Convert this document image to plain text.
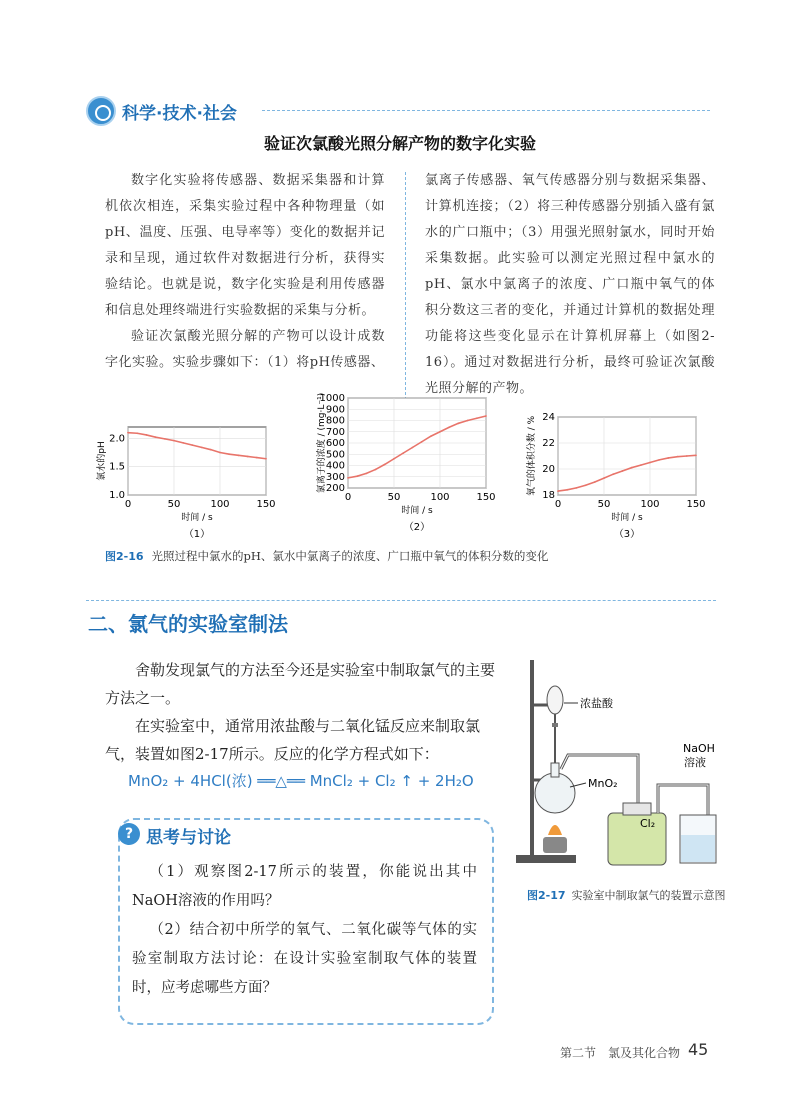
科学·技术·社会
验证次氯酸光照分解产物的数字化实验

数字化实验将传感器、数据采集器和计算机依次相连，采集实验过程中各种物理量（如pH、温度、压强、电导率等）变化的数据并记录和呈现，通过软件对数据进行分析，获得实验结论。也就是说，数字化实验是利用传感器和信息处理终端进行实验数据的采集与分析。

验证次氯酸光照分解的产物可以设计成数字化实验。实验步骤如下：（1）将pH传感器、

氯离子传感器、氧气传感器分别与数据采集器、计算机连接；（2）将三种传感器分别插入盛有氯水的广口瓶中；（3）用强光照射氯水，同时开始采集数据。此实验可以测定光照过程中氯水的pH、氯水中氯离子的浓度、广口瓶中氧气的体积分数这三者的变化，并通过计算机的数据处理功能将这些变化显示在计算机屏幕上（如图2-16）。通过对数据进行分析，最终可验证次氯酸光照分解的产物。

0	50	100	150
1.0
1.5
2.0
时间 / s
氯水的pH
（1）
0	50	100	150
200
300
400
500
600
700
800
900
1000
时间 / s
氯离子的浓度 / (mg·L⁻¹)
（2）
0	50	100	150
18
20
22
24
时间 / s
氧气的体积分数 / %
（3）
图2-16 光照过程中氯水的pH、氯水中氯离子的浓度、广口瓶中氧气的体积分数的变化
二、氯气的实验室制法

舍勒发现氯气的方法至今还是实验室中制取氯气的主要方法之一。

在实验室中，通常用浓盐酸与二氧化锰反应来制取氯气，装置如图2-17所示。反应的化学方程式如下：

MnO₂ + 4HCl(浓) ══△══ MnCl₂ + Cl₂ ↑ + 2H₂O
? 思考与讨论

（1）观察图2-17所示的装置，你能说出其中NaOH溶液的作用吗？

（2）结合初中所学的氧气、二氧化碳等气体的实验室制取方法讨论：在设计实验室制取气体的装置时，应考虑哪些方面？

浓盐酸
MnO₂
Cl₂
NaOH
溶液
图2-17 实验室中制取氯气的装置示意图
第二节　氯及其化合物 45
